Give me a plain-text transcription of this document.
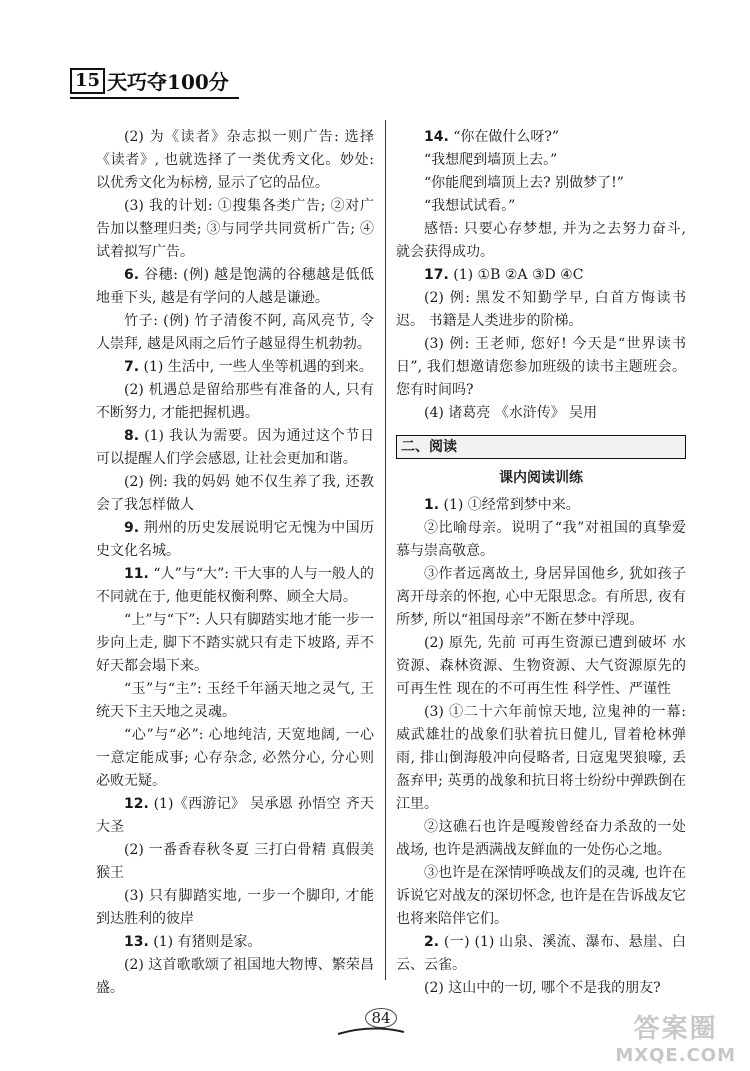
15 天巧夺100分

(2) 为《读者》杂志拟一则广告: 选择《读者》, 也就选择了一类优秀文化。妙处: 以优秀文化为标榜, 显示了它的品位。

(3) 我的计划: ①搜集各类广告; ②对广告加以整理归类; ③与同学共同赏析广告; ④试着拟写广告。

6. 谷穗: (例) 越是饱满的谷穗越是低低地垂下头, 越是有学问的人越是谦逊。

竹子: (例) 竹子清俊不阿, 高风亮节, 令人崇拜, 越是风雨之后竹子越显得生机勃勃。

7. (1) 生活中, 一些人坐等机遇的到来。

(2) 机遇总是留给那些有准备的人, 只有不断努力, 才能把握机遇。

8. (1) 我认为需要。因为通过这个节日可以提醒人们学会感恩, 让社会更加和谐。

(2) 例: 我的妈妈 她不仅生养了我, 还教会了我怎样做人

9. 荆州的历史发展说明它无愧为中国历史文化名城。

11. “人”与“大”: 干大事的人与一般人的不同就在于, 他更能权衡利弊、顾全大局。

“上”与“下”: 人只有脚踏实地才能一步一步向上走, 脚下不踏实就只有走下坡路, 弄不好天都会塌下来。

“玉”与“主”: 玉经千年涵天地之灵气, 王统天下主天地之灵魂。

“心”与“必”: 心地纯洁, 天宽地阔, 一心一意定能成事; 心存杂念, 必然分心, 分心则必败无疑。

12. (1)《西游记》 吴承恩 孙悟空 齐天大圣

(2) 一番香春秋冬夏 三打白骨精 真假美猴王

(3) 只有脚踏实地, 一步一个脚印, 才能到达胜利的彼岸

13. (1) 有猪则是家。

(2) 这首歌歌颂了祖国地大物博、繁荣昌盛。

14. “你在做什么呀?”

“我想爬到墙顶上去。”

“你能爬到墙顶上去? 别做梦了!”

“我想试试看。”

感悟: 只要心存梦想, 并为之去努力奋斗, 就会获得成功。

17. (1) ①B ②A ③D ④C

(2) 例: 黑发不知勤学早, 白首方悔读书迟。 书籍是人类进步的阶梯。

(3) 例: 王老师, 您好! 今天是“世界读书日”, 我们想邀请您参加班级的读书主题班会。您有时间吗?

(4) 诸葛亮 《水浒传》 吴用

二、阅读
课内阅读训练

1. (1) ①经常到梦中来。

②比喻母亲。说明了“我”对祖国的真挚爱慕与崇高敬意。

③作者远离故土, 身居异国他乡, 犹如孩子离开母亲的怀抱, 心中无限思念。有所思, 夜有所梦, 所以“祖国母亲”不断在梦中浮现。

(2) 原先, 先前 可再生资源已遭到破坏 水资源、森林资源、生物资源、大气资源原先的可再生性 现在的不可再生性 科学性、严谨性

(3) ①二十六年前惊天地, 泣鬼神的一幕: 威武雄壮的战象们驮着抗日健儿, 冒着枪林弹雨, 排山倒海般冲向侵略者, 日寇鬼哭狼嚎, 丢盔弃甲; 英勇的战象和抗日将士纷纷中弹跌倒在江里。

②这礁石也许是嘎羧曾经奋力杀敌的一处战场, 也许是洒满战友鲜血的一处伤心之地。

③也许是在深情呼唤战友们的灵魂, 也许在诉说它对战友的深切怀念, 也许是在告诉战友它也将来陪伴它们。

2. (一) (1) 山泉、溪流、瀑布、悬崖、白云、云雀。

(2) 这山中的一切, 哪个不是我的朋友?

84	答案圈
MXQE.COM
